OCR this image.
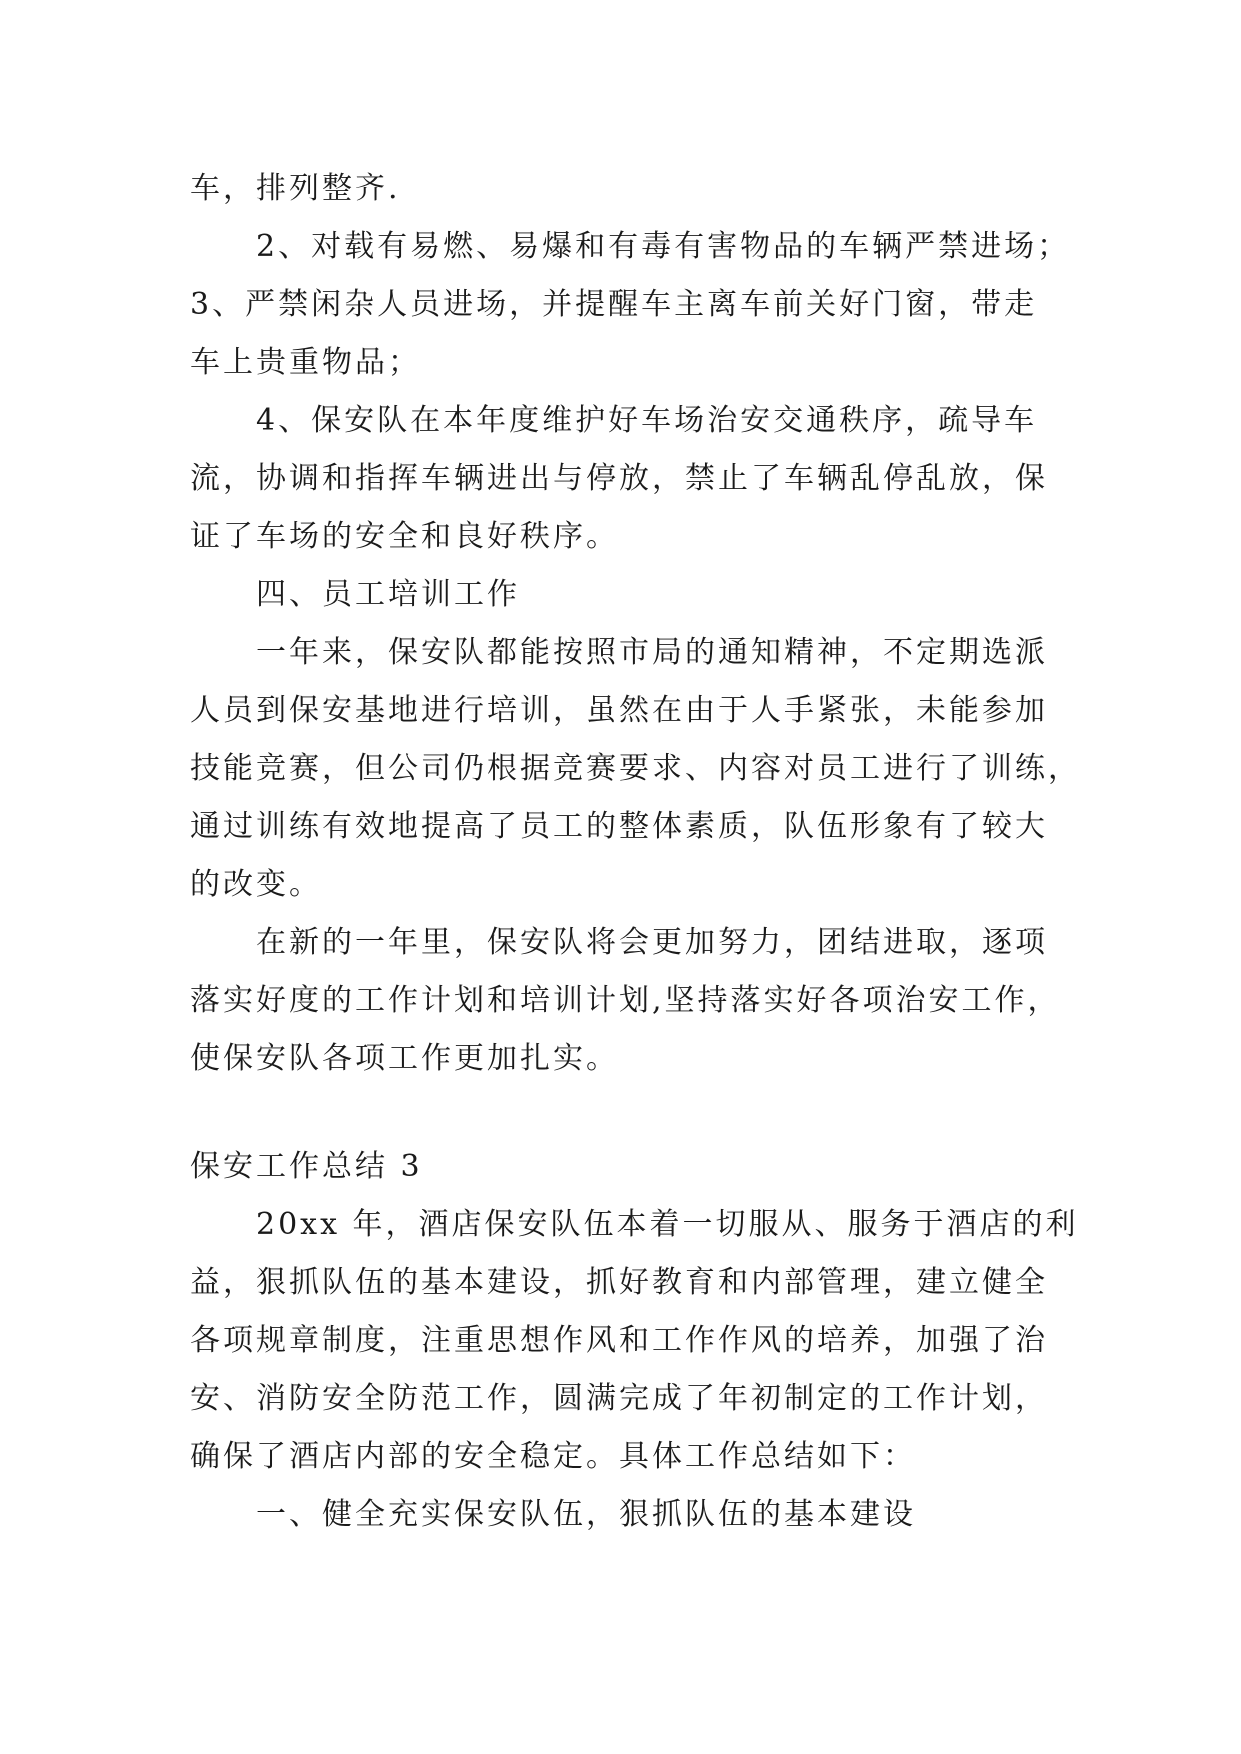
车，排列整齐.
2、对载有易燃、易爆和有毒有害物品的车辆严禁进场；
3、严禁闲杂人员进场，并提醒车主离车前关好门窗，带走
车上贵重物品；
4、保安队在本年度维护好车场治安交通秩序，疏导车
流，协调和指挥车辆进出与停放，禁止了车辆乱停乱放，保
证了车场的安全和良好秩序。
四、员工培训工作
一年来，保安队都能按照市局的通知精神，不定期选派
人员到保安基地进行培训，虽然在由于人手紧张，未能参加
技能竞赛，但公司仍根据竞赛要求、内容对员工进行了训练，
通过训练有效地提高了员工的整体素质，队伍形象有了较大
的改变。
在新的一年里，保安队将会更加努力，团结进取，逐项
落实好度的工作计划和培训计划,坚持落实好各项治安工作，
使保安队各项工作更加扎实。
保安工作总结 3
20xx 年，酒店保安队伍本着一切服从、服务于酒店的利
益，狠抓队伍的基本建设，抓好教育和内部管理，建立健全
各项规章制度，注重思想作风和工作作风的培养，加强了治
安、消防安全防范工作，圆满完成了年初制定的工作计划，
确保了酒店内部的安全稳定。具体工作总结如下：
一、健全充实保安队伍，狠抓队伍的基本建设
